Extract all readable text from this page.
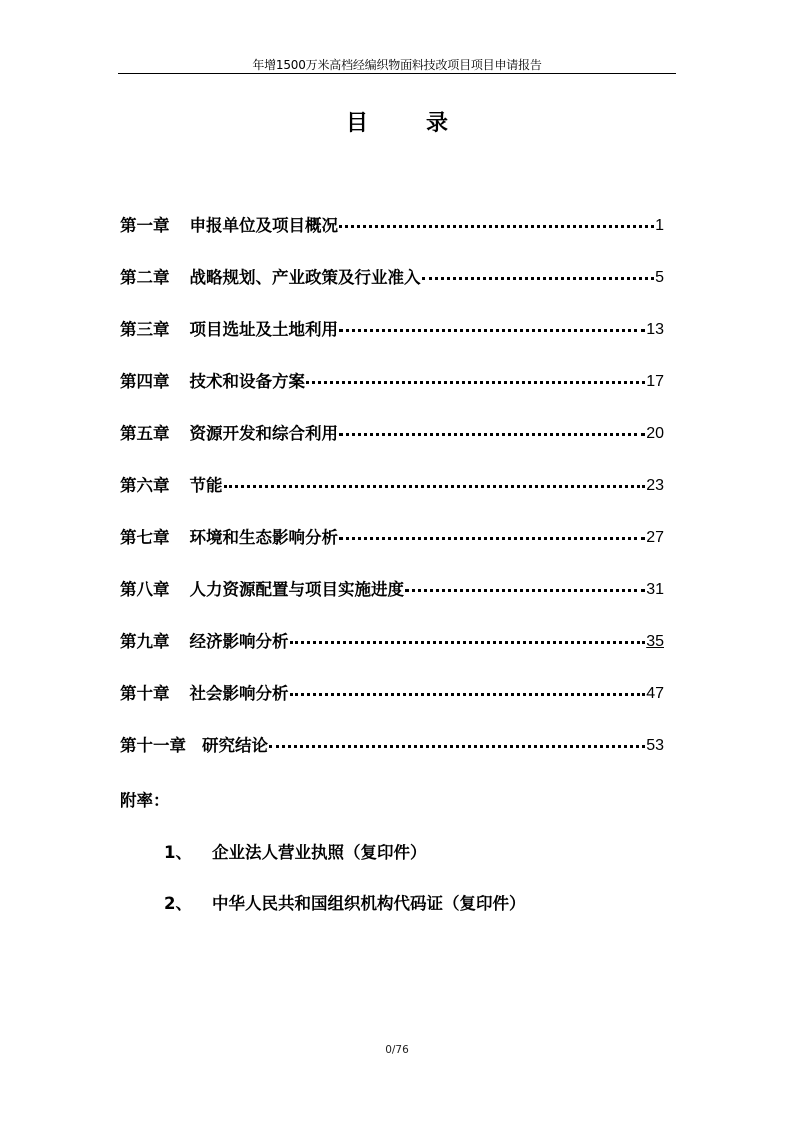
年增1500万米高档经编织物面料技改项目项目申请报告
目	录
第一章 申报单位及项目概况	1
第二章 战略规划、产业政策及行业准入	5
第三章 项目选址及土地利用	13
第四章 技术和设备方案	17
第五章 资源开发和综合利用	20
第六章 节能	23
第七章 环境和生态影响分析	27
第八章 人力资源配置与项目实施进度	31
第九章 经济影响分析	35
第十章 社会影响分析	47
第十一章 研究结论	53
附率：
1、	企业法人营业执照（复印件）
2、	中华人民共和国组织机构代码证（复印件）
0/76
